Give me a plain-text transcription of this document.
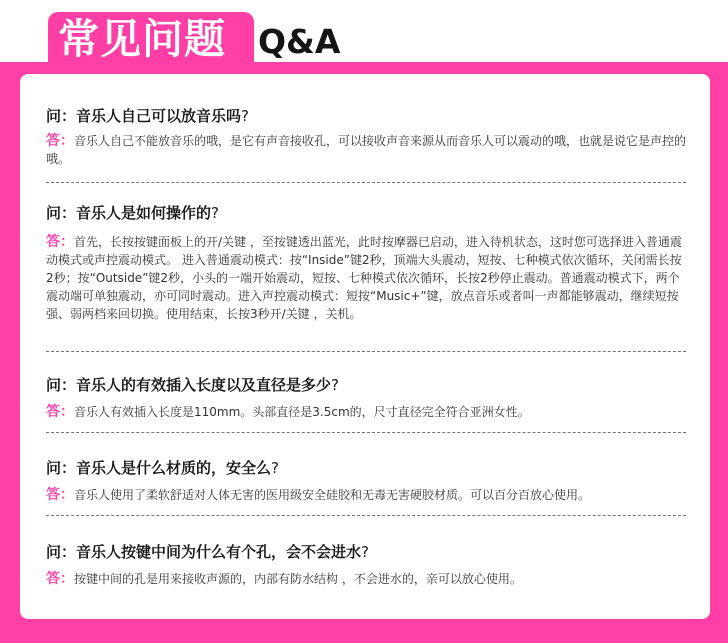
常见问题 Q&A
问：音乐人自己可以放音乐吗?
答：音乐人自己不能放音乐的哦，是它有声音接收孔，可以接收声音来源从而音乐人可以震动的哦，也就是说它是声控的哦。
问：音乐人是如何操作的?
答：首先，长按按键面板上的开/关键 ，至按键透出蓝光，此时按摩器已启动，进入待机状态，这时您可选择进入普通震动模式或声控震动模式。 进入普通震动模式：按“Inside”键2秒，顶端大头震动，短按、七种模式依次循环，关闭需长按2秒；按“Outside”键2秒，小头的一端开始震动，短按、七种模式依次循环，长按2秒停止震动。普通震动模式下，两个震动端可单独震动，亦可同时震动。进入声控震动模式：短按“Music+”键，放点音乐或者叫一声都能够震动，继续短按强、弱两档来回切换。使用结束，长按3秒开/关键 ，关机。
问：音乐人的有效插入长度以及直径是多少?
答：音乐人有效插入长度是110mm。头部直径是3.5cm的，尺寸直径完全符合亚洲女性。
问：音乐人是什么材质的，安全么?
答：音乐人使用了柔软舒适对人体无害的医用级安全硅胶和无毒无害硬胶材质。可以百分百放心使用。
问：音乐人按键中间为什么有个孔，会不会进水?
答：按键中间的孔是用来接收声源的，内部有防水结构 ，不会进水的，亲可以放心使用。
